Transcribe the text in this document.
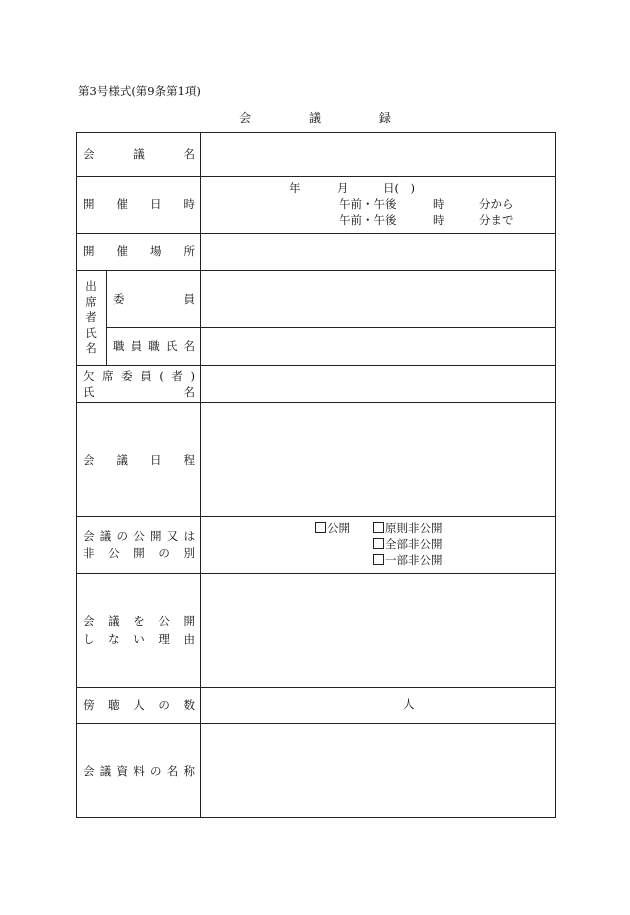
第3号様式(第9条第1項)
会	議	録
会	議	名
開 催 日 時
年	月	日(　)
午前・午後	時	分から
午前・午後	時	分まで
開 催 場 所
出
席
者
氏
名
委	員
職 員 職 氏 名
欠 席 委 員 ( 者 )
氏	名
会 議 日 程
会 議 の 公 開 又 は
非 公 開 の 別
公開	原則非公開
全部非公開
一部非公開
会 議 を 公 開
し な い 理 由
傍 聴 人 の 数	人
会 議 資 料 の 名 称
